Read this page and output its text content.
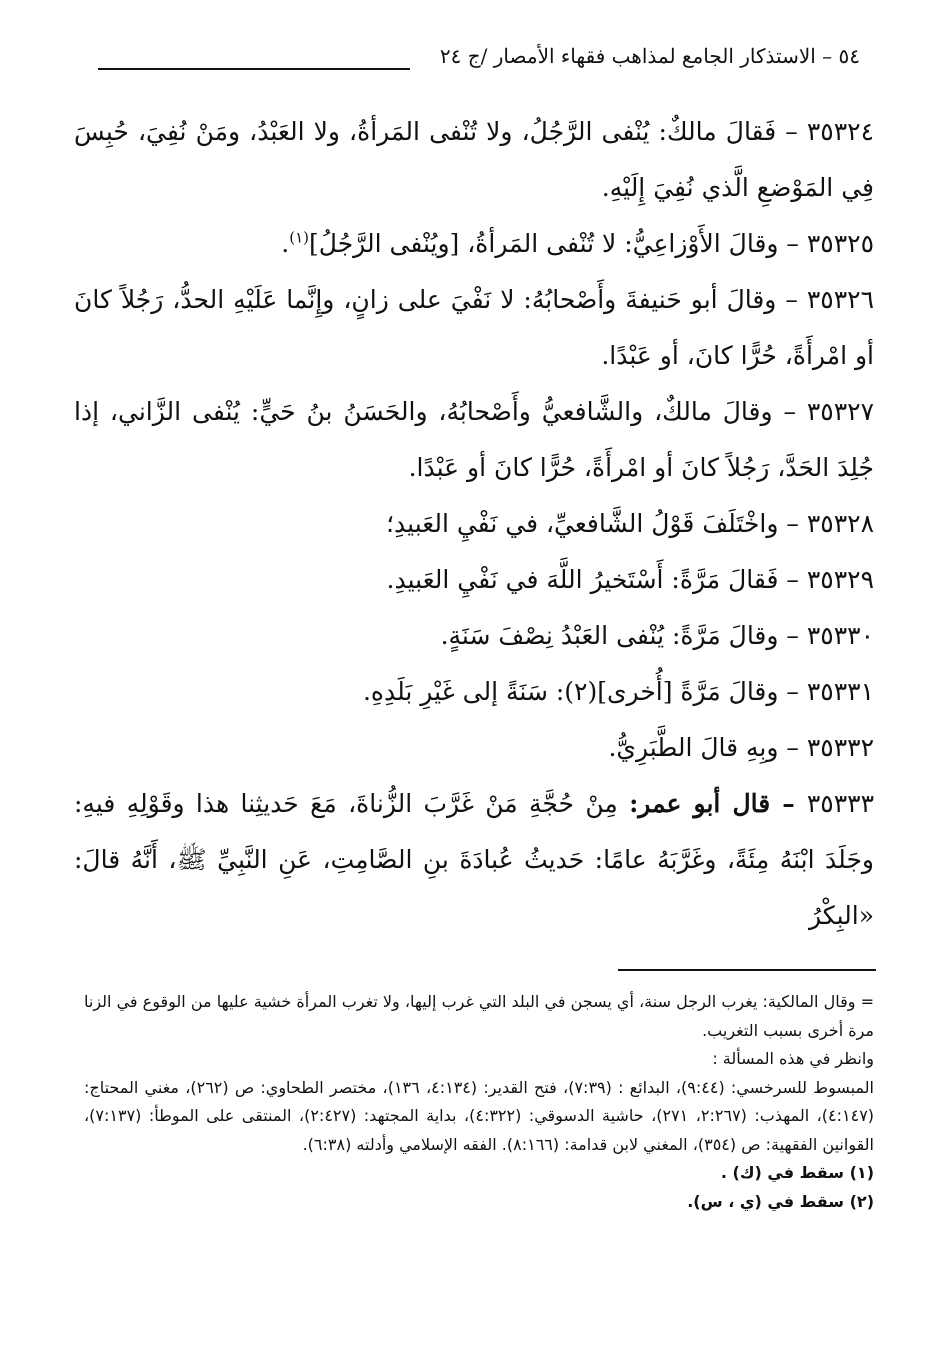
٥٤ – الاستذكار الجامع لمذاهب فقهاء الأمصار /ج ٢٤

٣٥٣٢٤ – فَقالَ مالكٌ: يُنْفى الرَّجُلُ، ولا تُنْفى المَرأةُ، ولا العَبْدُ، ومَنْ نُفِيَ، حُبِسَ فِي المَوْضعِ الَّذي نُفِيَ إِلَيْهِ.

٣٥٣٢٥ – وقالَ الأَوْزاعِيُّ: لا تُنْفى المَرأةُ، [ويُنْفى الرَّجُلُ]$^{(١)}$.

٣٥٣٢٦ – وقالَ أبو حَنيفةَ وأَصْحابُهُ: لا نَفْيَ على زانٍ، وإِنَّما عَلَيْهِ الحدُّ، رَجُلاً كانَ أو امْرأَةً، حُرًّا كانَ، أو عَبْدًا.

٣٥٣٢٧ – وقالَ مالكٌ، والشَّافعيُّ وأَصْحابُهُ، والحَسَنُ بنُ حَيٍّ: يُنْفى الزَّاني، إذا جُلِدَ الحَدَّ، رَجُلاً كانَ أو امْرأَةً، حُرًّا كانَ أو عَبْدًا.

٣٥٣٢٨ – واخْتَلَفَ قَوْلُ الشَّافعيِّ، في نَفْيِ العَبيدِ؛

٣٥٣٢٩ – فَقالَ مَرَّةً: أَسْتَخيرُ اللَّهَ في نَفْيِ العَبيدِ.

٣٥٣٣٠ – وقالَ مَرَّةً: يُنْفى العَبْدُ نِصْفَ سَنَةٍ.

٣٥٣٣١ – وقالَ مَرَّةً [أُخرى](٢): سَنَةً إلى غَيْرِ بَلَدِهِ.

٣٥٣٣٢ – وبِهِ قالَ الطَّبَرِيُّ.

٣٥٣٣٣ – قال أبو عمر: مِنْ حُجَّةِ مَنْ غَرَّبَ الزُّناةَ، مَعَ حَديثِنا هذا وقَوْلِهِ فيهِ: وجَلَدَ ابْنَهُ مِئَةً، وغَرَّبَهُ عامًا: حَديثُ عُبادَةَ بنِ الصَّامِتِ، عَنِ النَّبِيِّ ﷺ، أَنَّهُ قالَ: «البِكْرُ

= وقال المالكية: يغرب الرجل سنة، أي يسجن في البلد التي غرب إليها، ولا تغرب المرأة خشية عليها من الوقوع في الزنا مرة أخرى بسبب التغريب.

وانظر في هذه المسألة :

المبسوط للسرخسي: (٩:٤٤)، البدائع : (٧:٣٩)، فتح القدير: (٤:١٣٤، ١٣٦)، مختصر الطحاوي: ص (٢٦٢)، مغني المحتاج: (٤:١٤٧)، المهذب: (٢:٢٦٧، ٢٧١)، حاشية الدسوقي: (٤:٣٢٢)، بداية المجتهد: (٢:٤٢٧)، المنتقى على الموطأ: (٧:١٣٧)، القوانين الفقهية: ص (٣٥٤)، المغني لابن قدامة: (٨:١٦٦). الفقه الإسلامي وأدلته (٦:٣٨).

(١) سقط في (ك) .

(٢) سقط في (ي ، س).
